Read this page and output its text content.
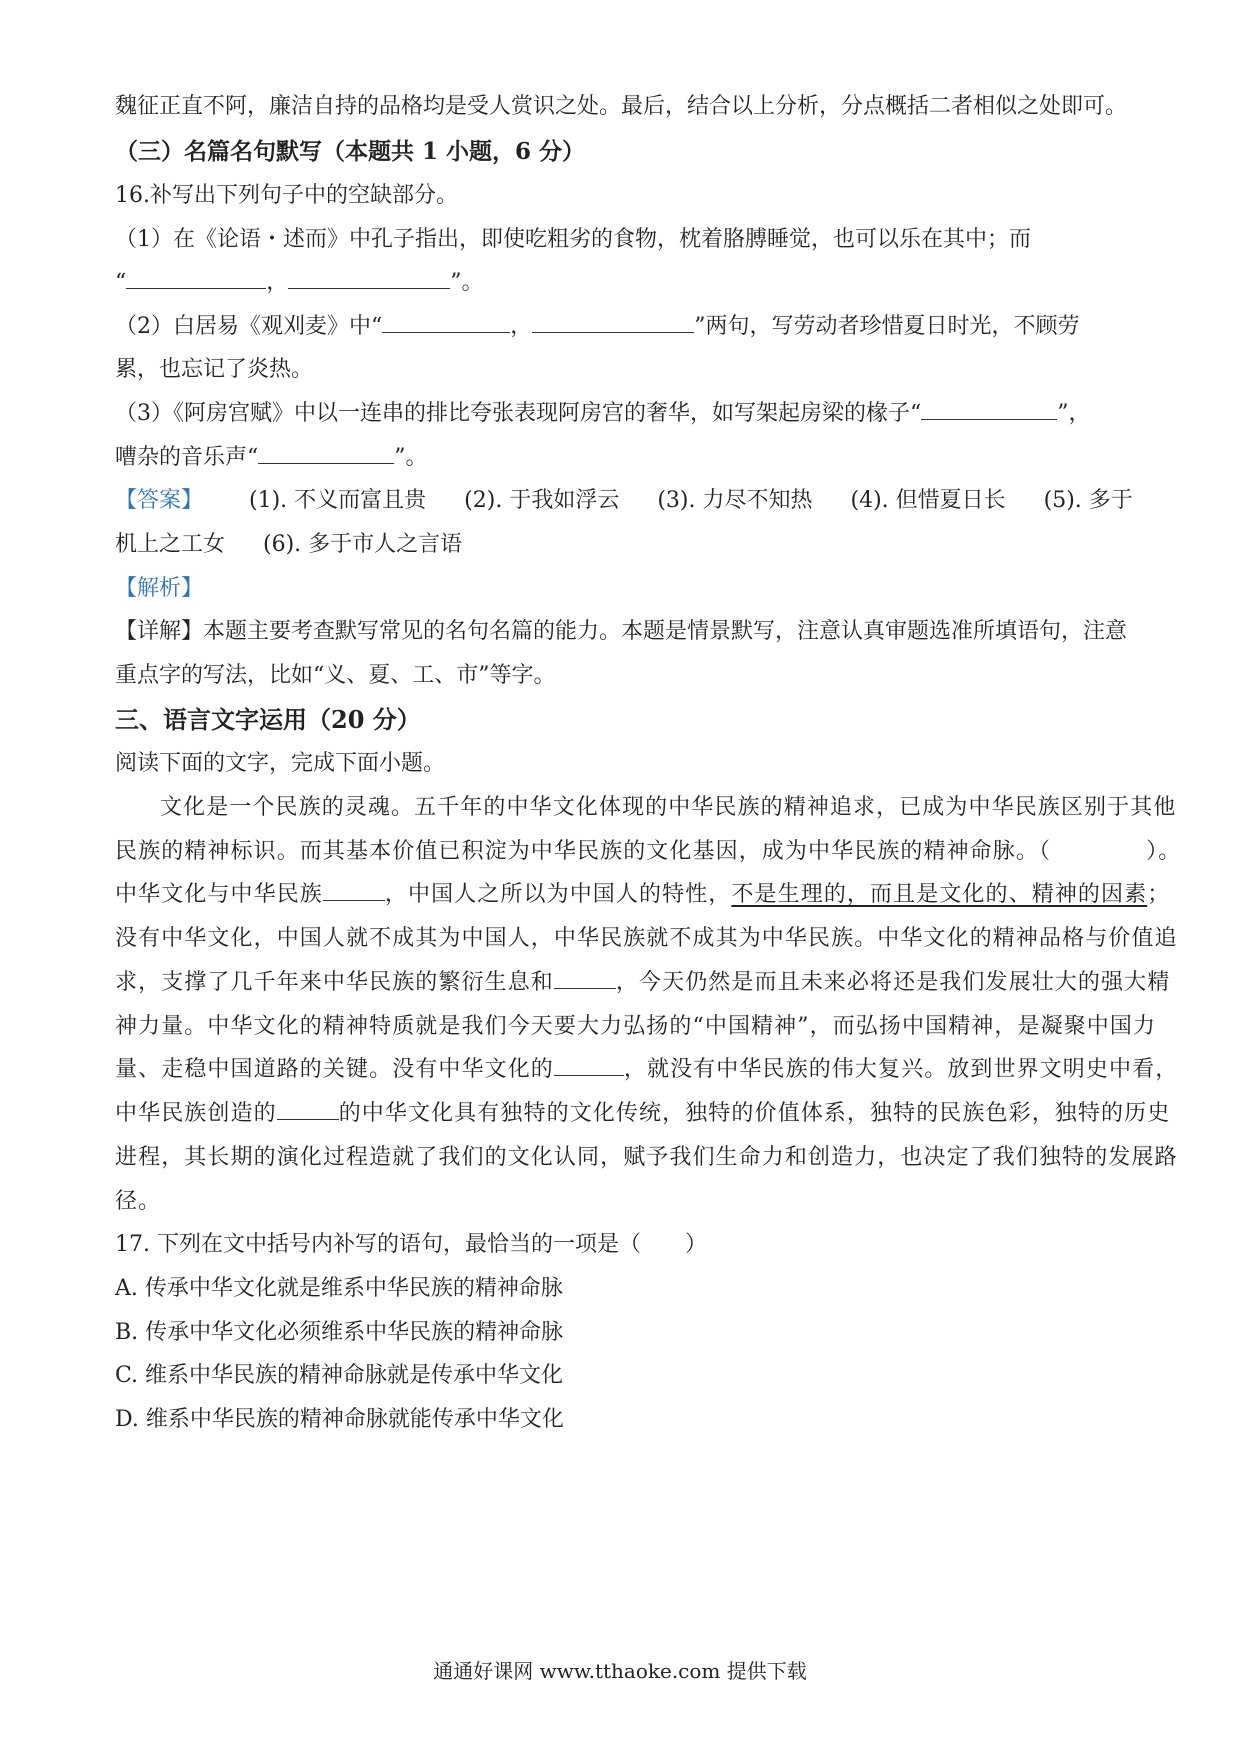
魏征正直不阿，廉洁自持的品格均是受人赏识之处。最后，结合以上分析，分点概括二者相似之处即可。
（三）名篇名句默写（本题共 1 小题，6 分）
16.补写出下列句子中的空缺部分。
（1）在《论语・述而》中孔子指出，即使吃粗劣的食物，枕着胳膊睡觉，也可以乐在其中；而
“	，	”。
（2）白居易《观刈麦》中“	，	”两句，写劳动者珍惜夏日时光，不顾劳
累，也忘记了炎热。
（3）《阿房宫赋》中以一连串的排比夸张表现阿房宫的奢华，如写架起房梁的椽子“	”，
嘈杂的音乐声“	”。
【答案】 (1). 不义而富且贵 (2). 于我如浮云 (3). 力尽不知热 (4). 但惜夏日长 (5). 多于
机上之工女 (6). 多于市人之言语
【解析】
【详解】本题主要考查默写常见的名句名篇的能力。本题是情景默写，注意认真审题选准所填语句，注意
重点字的写法，比如“义、夏、工、市”等字。
三、语言文字运用（20 分）
阅读下面的文字，完成下面小题。
文化是一个民族的灵魂。五千年的中华文化体现的中华民族的精神追求，已成为中华民族区别于其他
民族的精神标识。而其基本价值已积淀为中华民族的文化基因，成为中华民族的精神命脉。（	）。
中华文化与中华民族	，中国人之所以为中国人的特性，不是生理的，而且是文化的、精神的因素；
没有中华文化，中国人就不成其为中国人，中华民族就不成其为中华民族。中华文化的精神品格与价值追
求，支撑了几千年来中华民族的繁衍生息和	，今天仍然是而且未来必将还是我们发展壮大的强大精
神力量。中华文化的精神特质就是我们今天要大力弘扬的“中国精神”，而弘扬中国精神，是凝聚中国力
量、走稳中国道路的关键。没有中华文化的	，就没有中华民族的伟大复兴。放到世界文明史中看，
中华民族创造的	的中华文化具有独特的文化传统，独特的价值体系，独特的民族色彩，独特的历史
进程，其长期的演化过程造就了我们的文化认同，赋予我们生命力和创造力，也决定了我们独特的发展路
径。
17. 下列在文中括号内补写的语句，最恰当的一项是（　　）
A. 传承中华文化就是维系中华民族的精神命脉
B. 传承中华文化必须维系中华民族的精神命脉
C. 维系中华民族的精神命脉就是传承中华文化
D. 维系中华民族的精神命脉就能传承中华文化
通通好课网 www.tthaoke.com 提供下载
